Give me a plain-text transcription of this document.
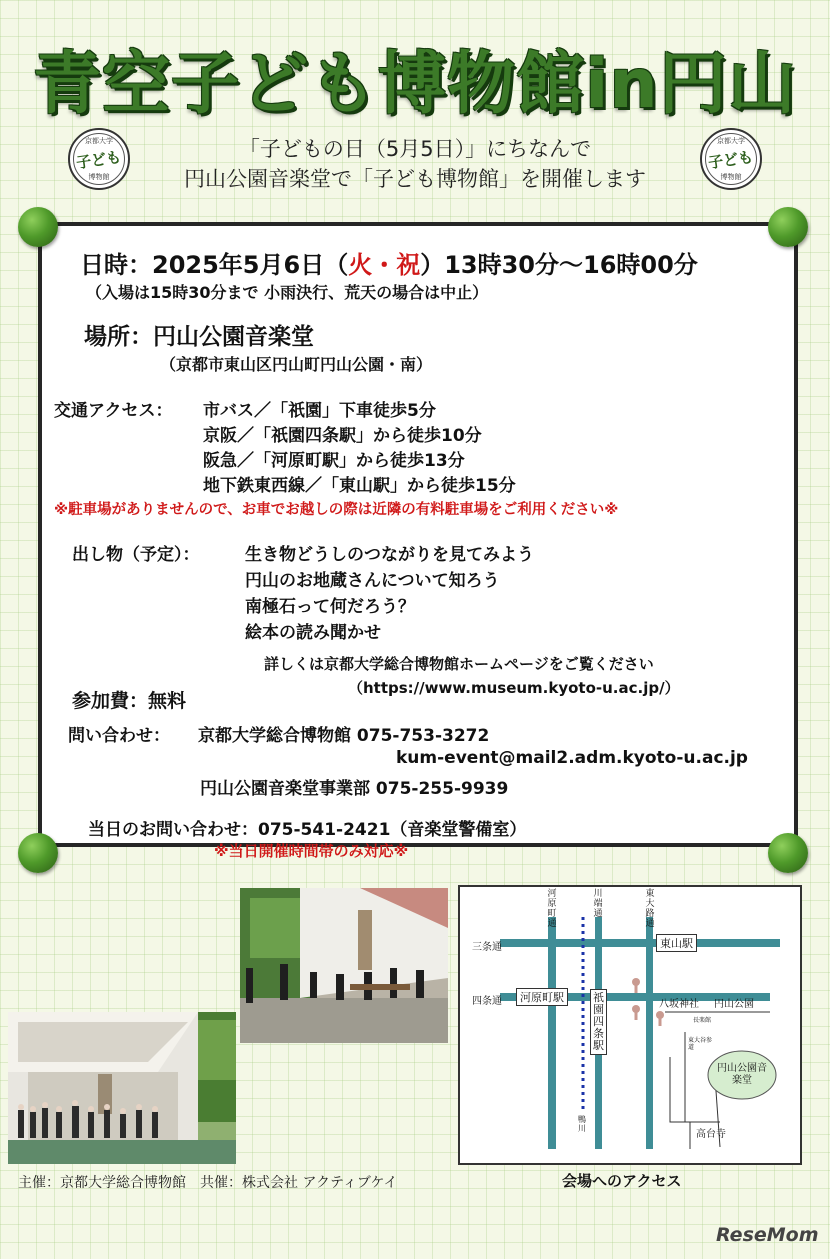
青空子ども博物館in円山
京都大学
子ども
博物館
京都大学
子ども
博物館
「子どもの日（5月5日）」にちなんで
円山公園音楽堂で「子ども博物館」を開催します
日時：2025年5月6日（火・祝）13時30分～16時00分
（入場は15時30分まで 小雨決行、荒天の場合は中止）
場所：円山公園音楽堂
（京都市東山区円山町円山公園・南）
交通アクセス： 市バス／「祇園」下車徒歩5分
京阪／「祇園四条駅」から徒歩10分
阪急／「河原町駅」から徒歩13分
地下鉄東西線／「東山駅」から徒歩15分
※駐車場がありませんので、お車でお越しの際は近隣の有料駐車場をご利用ください※
出し物（予定）：	生き物どうしのつながりを見てみよう
円山のお地蔵さんについて知ろう
南極石って何だろう？
絵本の読み聞かせ
詳しくは京都大学総合博物館ホームページをご覧ください
（https://www.museum.kyoto-u.ac.jp/）
参加費：無料
問い合わせ： 京都大学総合博物館 075-753-3272
kum-event@mail2.adm.kyoto-u.ac.jp
円山公園音楽堂事業部 075-255-9939
当日のお問い合わせ：075-541-2421（音楽堂警備室）
※当日開催時間帯のみ対応※
河原町通
川端通
東大路通
三条通
四条通
東山駅
河原町駅	祇園四条駅
八坂神社 円山公園
円山公園音楽堂
高台寺
長楽館
東大谷参道
鴨川
会場へのアクセス
主催：京都大学総合博物館　共催：株式会社 アクティブケイ
ReseMom
